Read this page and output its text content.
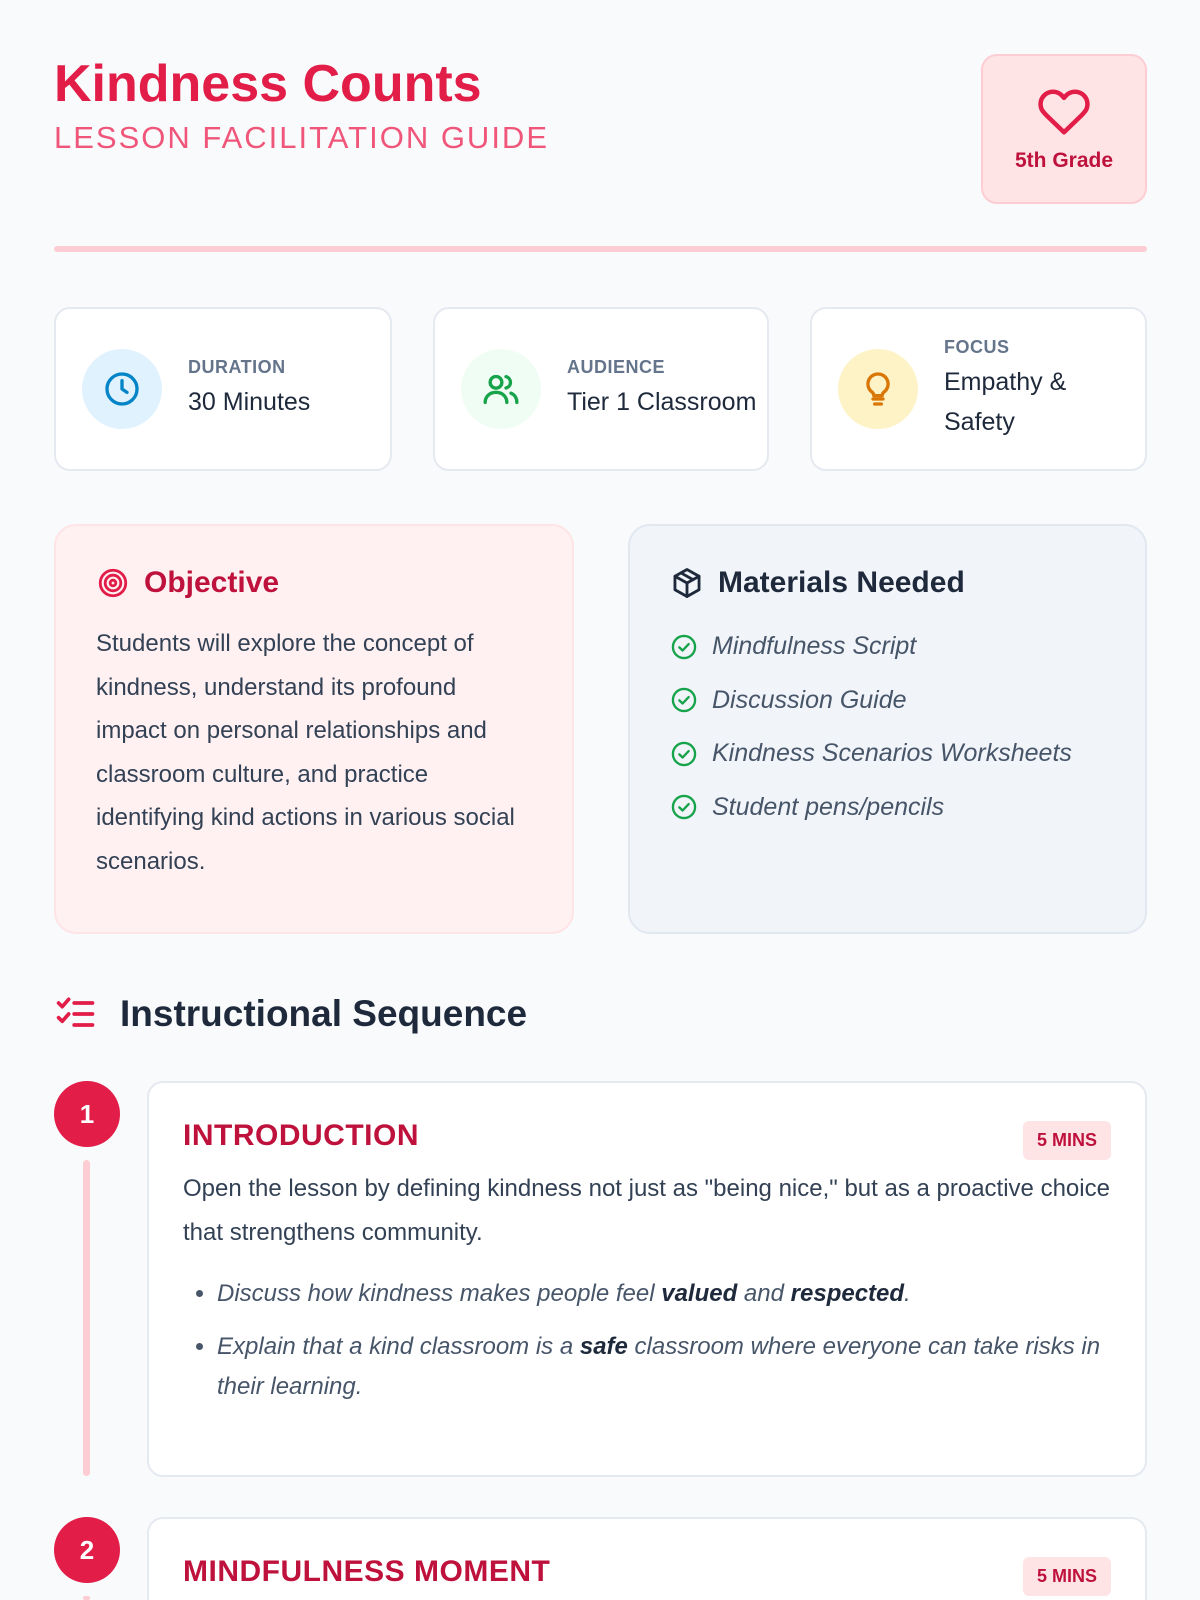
Kindness Counts
LESSON FACILITATION GUIDE
5th Grade
DURATION
30 Minutes
AUDIENCE
Tier 1 Classroom
FOCUS
Empathy & Safety
Objective

Students will explore the concept of kindness, understand its profound impact on personal relationships and classroom culture, and practice identifying kind actions in various social scenarios.

Materials Needed
Mindfulness Script
Discussion Guide
Kindness Scenarios Worksheets
Student pens/pencils
Instructional Sequence
1
INTRODUCTION	5 MINS

Open the lesson by defining kindness not just as "being nice," but as a proactive choice that strengthens community.

• Discuss how kindness makes people feel valued and respected.
• Explain that a kind classroom is a safe classroom where everyone can take risks in their learning.
2
MINDFULNESS MOMENT	5 MINS
